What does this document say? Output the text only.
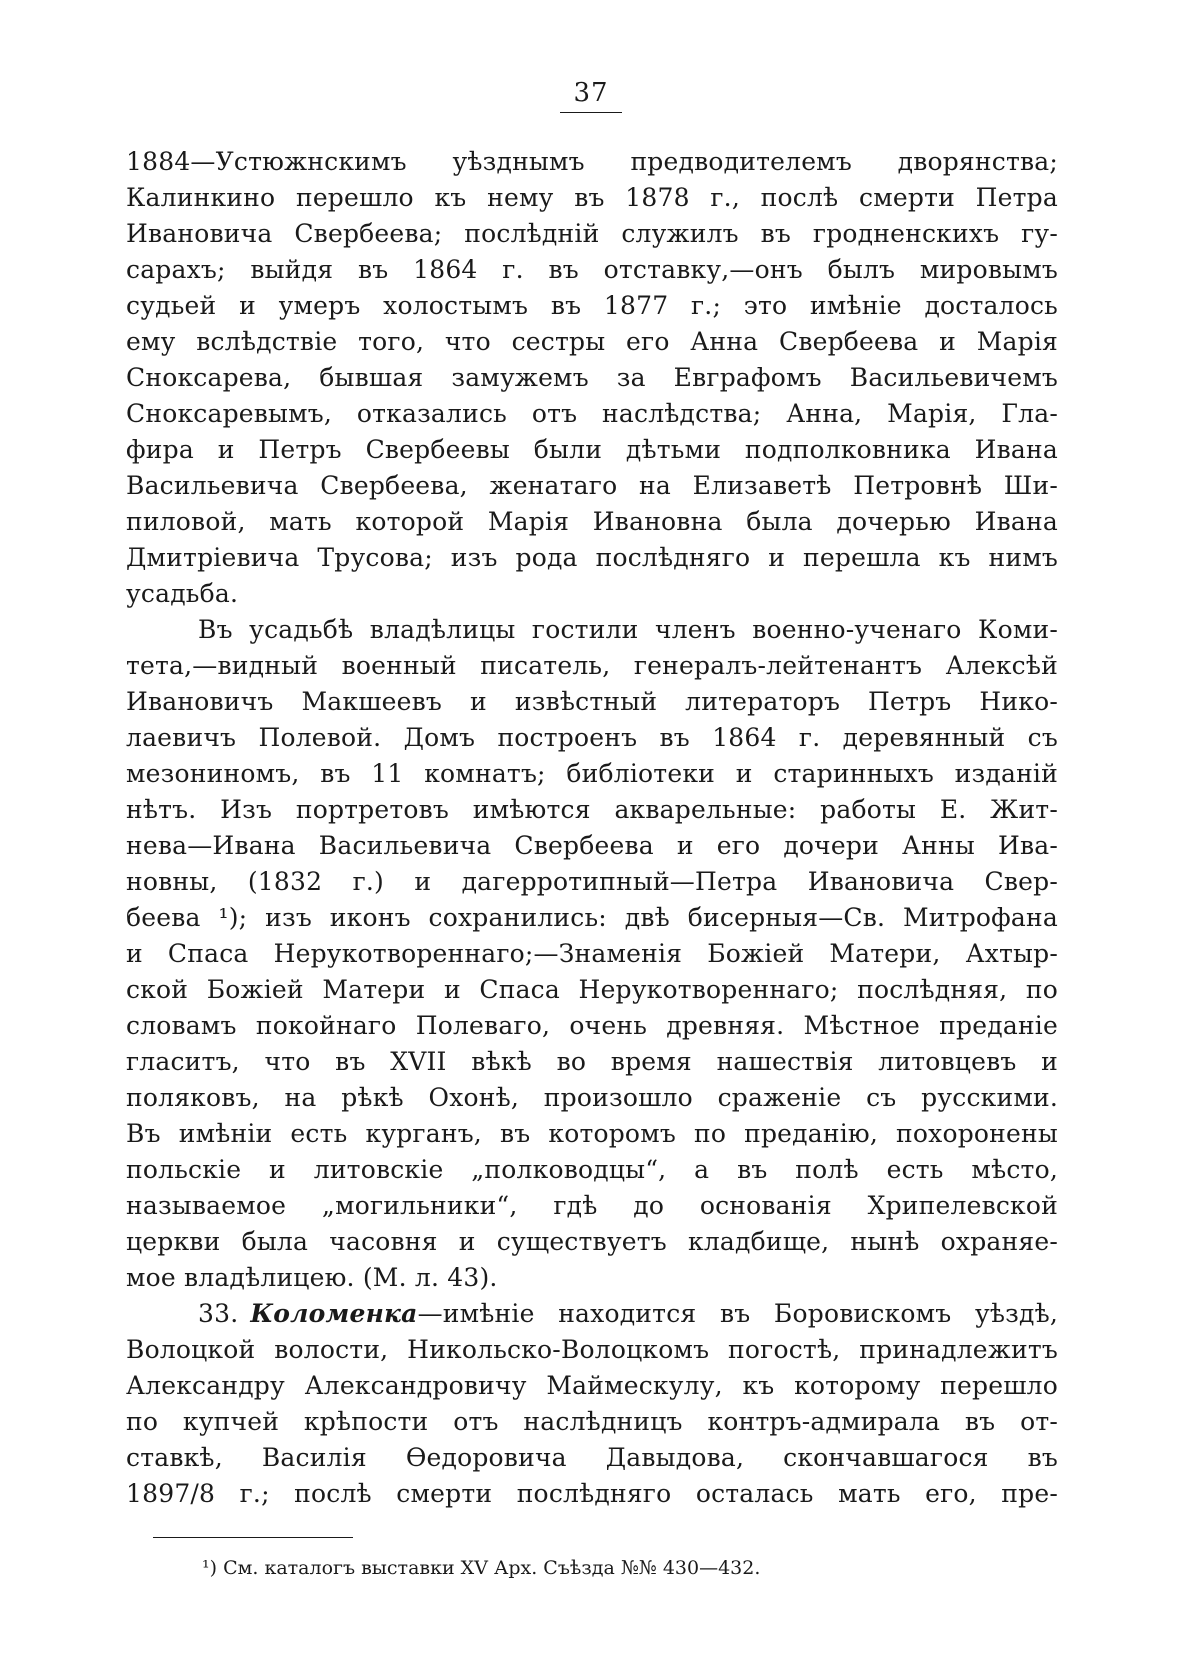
37
1884—Устюжнскимъ уѣзднымъ предводителемъ дворянства;
Калинкино перешло къ нему въ 1878 г., послѣ смерти Петра
Ивановича Свербеева; послѣдній служилъ въ гродненскихъ гу-
сарахъ; выйдя въ 1864 г. въ отставку,—онъ былъ мировымъ
судьей и умеръ холостымъ въ 1877 г.; это имѣніе досталось
ему вслѣдствіе того, что сестры его Анна Свербеева и Марія
Сноксарева, бывшая замужемъ за Евграфомъ Васильевичемъ
Сноксаревымъ, отказались отъ наслѣдства; Анна, Марія, Гла-
фира и Петръ Свербеевы были дѣтьми подполковника Ивана
Васильевича Свербеева, женатаго на Елизаветѣ Петровнѣ Ши-
пиловой, мать которой Марія Ивановна была дочерью Ивана
Дмитріевича Трусова; изъ рода послѣдняго и перешла къ нимъ
усадьба.
Въ усадьбѣ владѣлицы гостили членъ военно-ученаго Коми-
тета,—видный военный писатель, генералъ-лейтенантъ Алексѣй
Ивановичъ Макшеевъ и извѣстный литераторъ Петръ Нико-
лаевичъ Полевой. Домъ построенъ въ 1864 г. деревянный съ
мезониномъ, въ 11 комнатъ; библіотеки и старинныхъ изданій
нѣтъ. Изъ портретовъ имѣются акварельные: работы Е. Жит-
нева—Ивана Васильевича Свербеева и его дочери Анны Ива-
новны, (1832 г.) и дагерротипный—Петра Ивановича Свер-
беева ¹); изъ иконъ сохранились: двѣ бисерныя—Св. Митрофана
и Спаса Нерукотвореннаго;—Знаменія Божіей Матери, Ахтыр-
ской Божіей Матери и Спаса Нерукотвореннаго; послѣдняя, по
словамъ покойнаго Полеваго, очень древняя. Мѣстное преданіе
гласитъ, что въ XVII вѣкѣ во время нашествія литовцевъ и
поляковъ, на рѣкѣ Охонѣ, произошло сраженіе съ русскими.
Въ имѣніи есть курганъ, въ которомъ по преданію, похоронены
польскіе и литовскіе „полководцы“, а въ полѣ есть мѣсто,
называемое „могильники“, гдѣ до основанія Хрипелевской
церкви была часовня и существуетъ кладбище, нынѣ охраняе-
мое владѣлицею. (М. л. 43).
33. Коломенка —имѣніе находится въ Боровискомъ уѣздѣ,
Волоцкой волости, Никольско-Волоцкомъ погостѣ, принадлежитъ
Александру Александровичу Маймескулу, къ которому перешло
по купчей крѣпости отъ наслѣдницъ контръ-адмирала въ от-
ставкѣ, Василія Ѳедоровича Давыдова, скончавшагося въ
1897/8 г.; послѣ смерти послѣдняго осталась мать его, пре-
¹) См. каталогъ выставки XV Арх. Съѣзда №№ 430—432.
